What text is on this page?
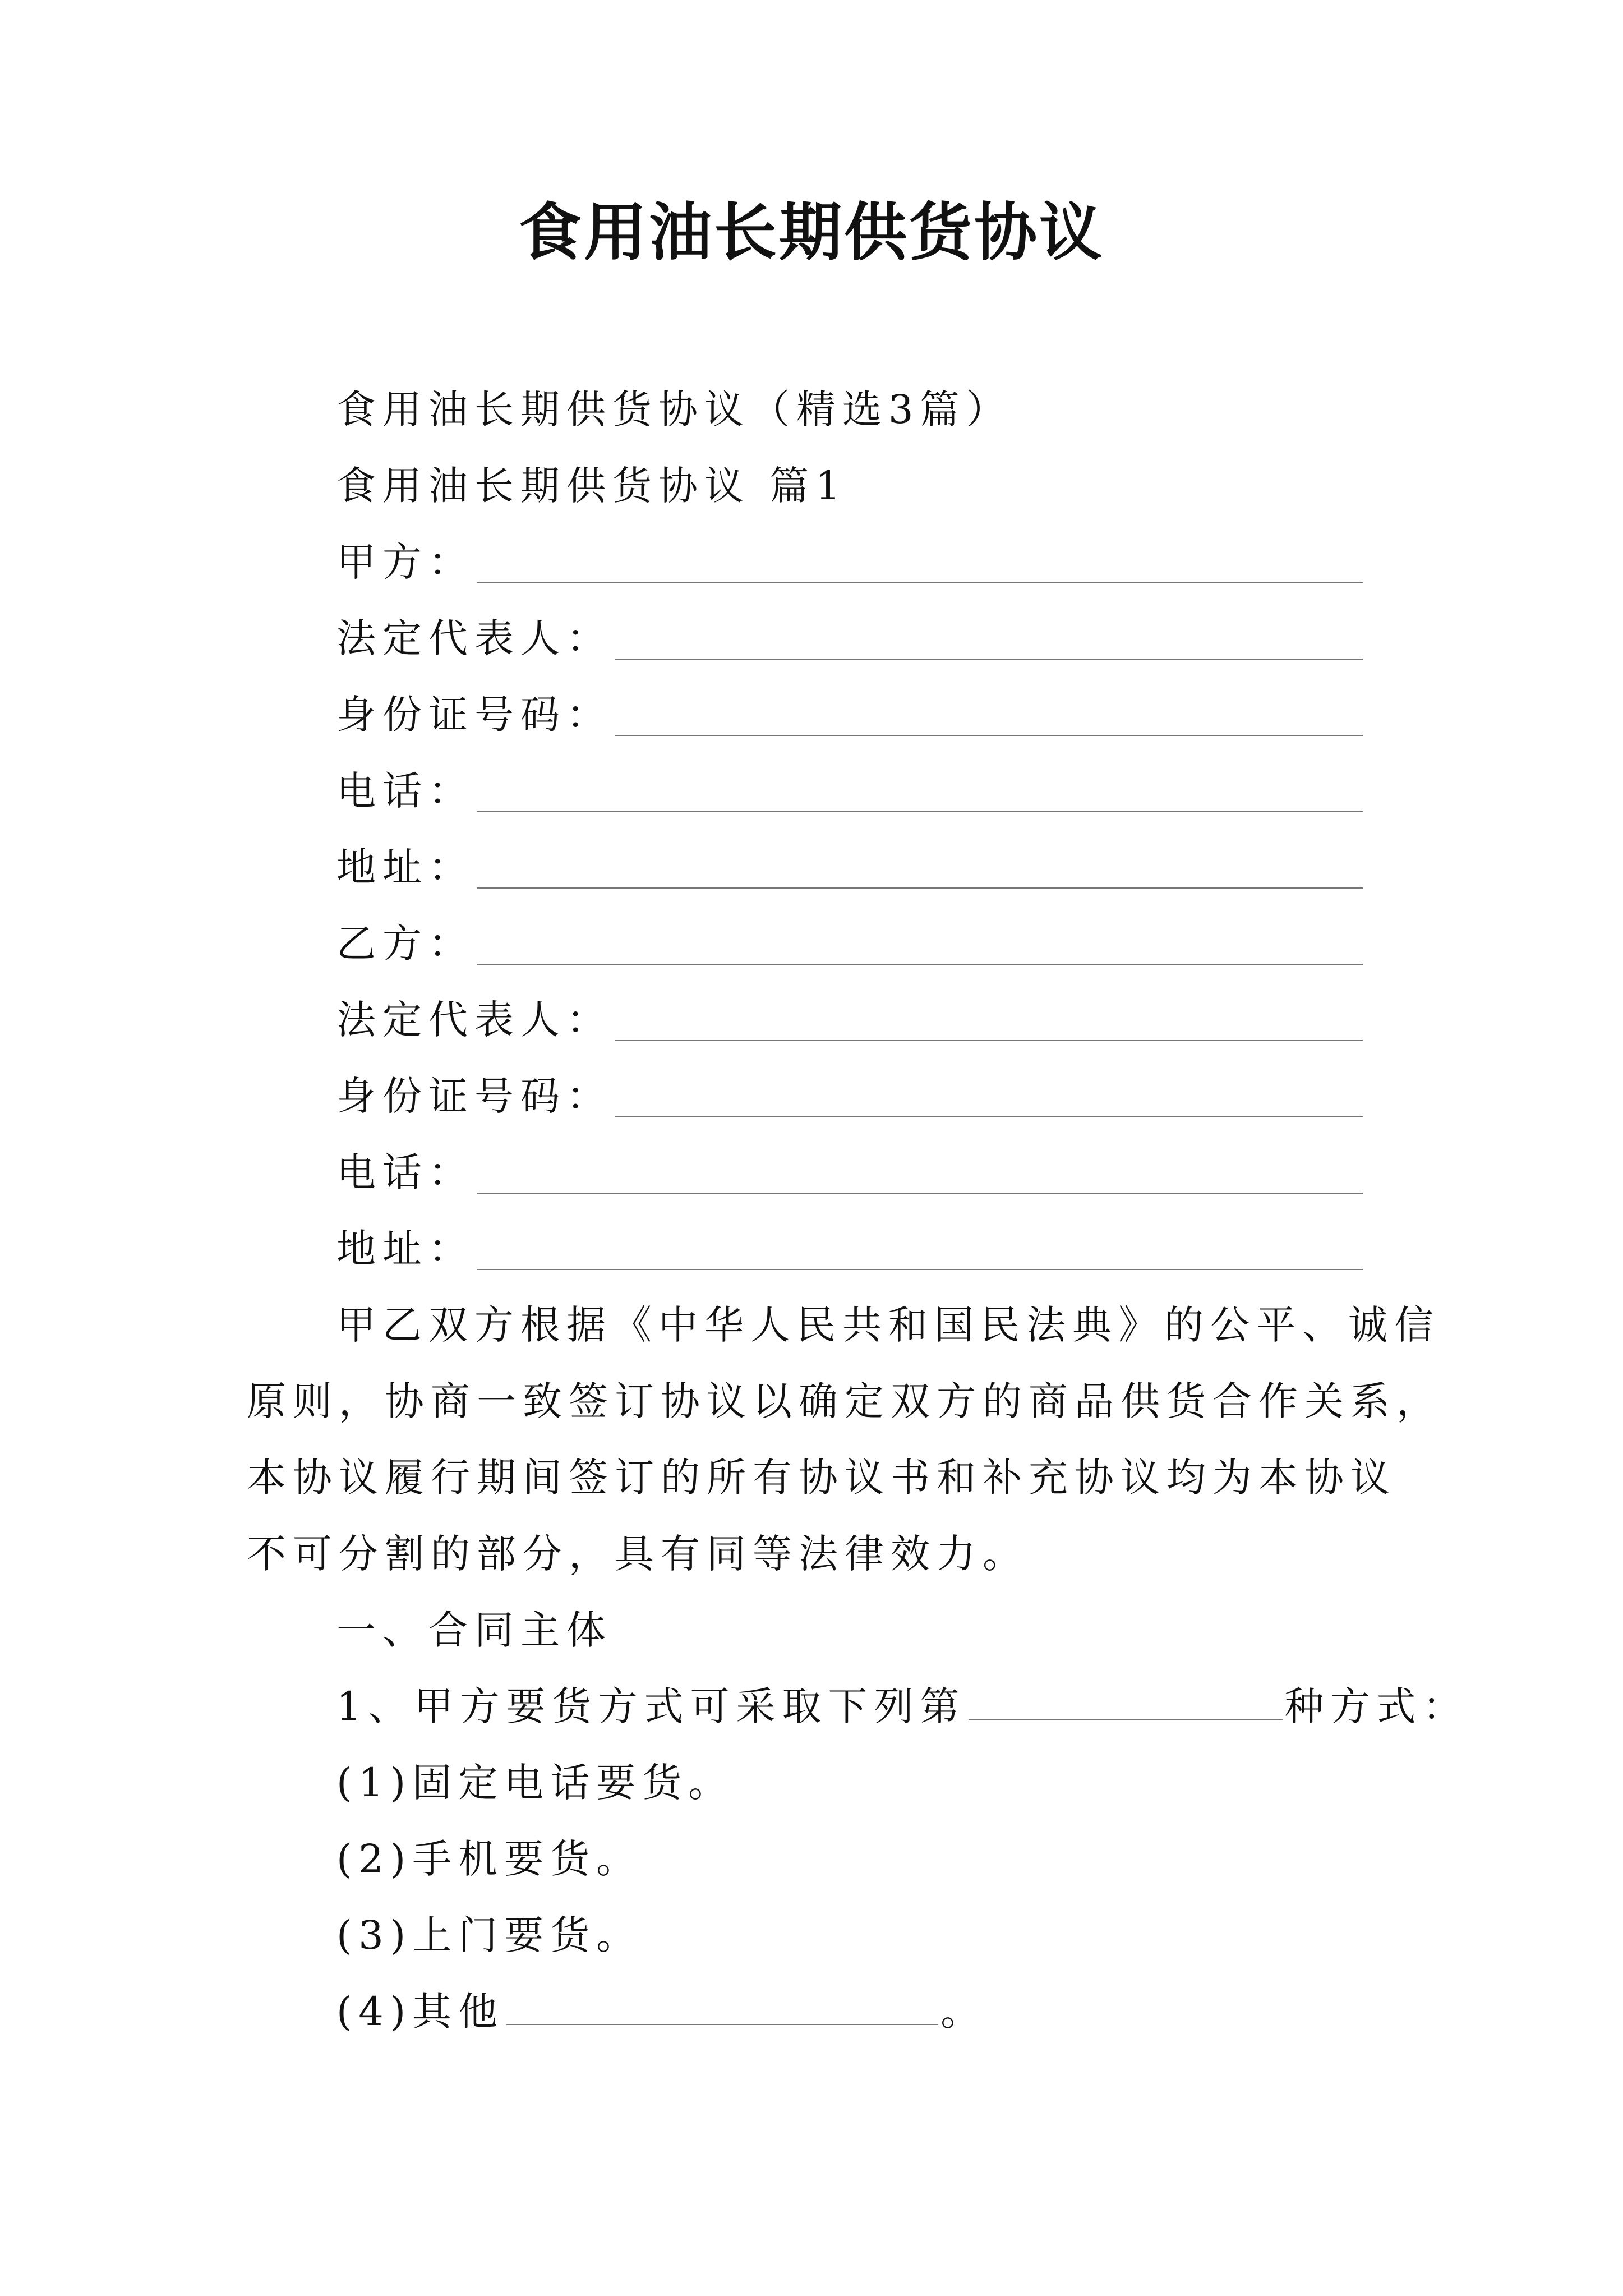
食用油长期供货协议
食用油长期供货协议（精选3篇）
食用油长期供货协议 篇1
甲方：
法定代表人：
身份证号码：
电话：
地址：
乙方：
法定代表人：
身份证号码：
电话：
地址：
甲乙双方根据《中华人民共和国民法典》的公平、诚信
原则，协商一致签订协议以确定双方的商品供货合作关系，
本协议履行期间签订的所有协议书和补充协议均为本协议
不可分割的部分，具有同等法律效力。
一、合同主体
1、甲方要货方式可采取下列第	种方式：
(1)固定电话要货。
(2)手机要货。
(3)上门要货。
(4)其他	。
